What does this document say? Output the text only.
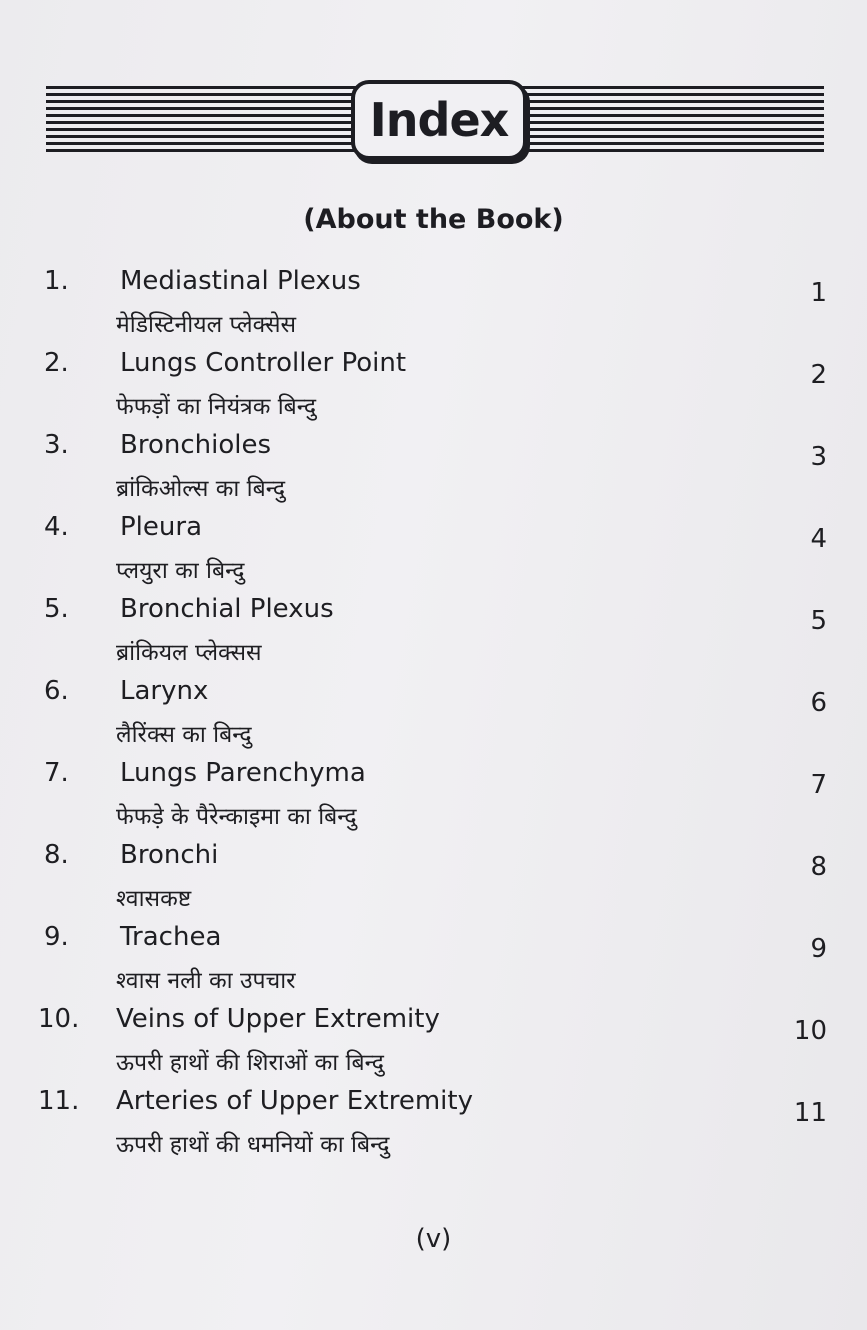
Index
(About the Book)
1. Mediastinal Plexus
मेडिस्टिनीयल प्लेक्सेस
1
2. Lungs Controller Point
फेफड़ों का नियंत्रक बिन्दु
2
3. Bronchioles
ब्रांकिओल्स का बिन्दु
3
4. Pleura
प्लयुरा का बिन्दु
4
5. Bronchial Plexus
ब्रांकियल प्लेक्सस
5
6. Larynx
लैरिंक्स का बिन्दु
6
7. Lungs Parenchyma
फेफड़े के पैरेन्काइमा का बिन्दु
7
8. Bronchi
श्वासकष्ट
8
9. Trachea
श्वास नली का उपचार
9
10. Veins of Upper Extremity
ऊपरी हाथों की शिराओं का बिन्दु
10
11. Arteries of Upper Extremity
ऊपरी हाथों की धमनियों का बिन्दु
11
(v)
